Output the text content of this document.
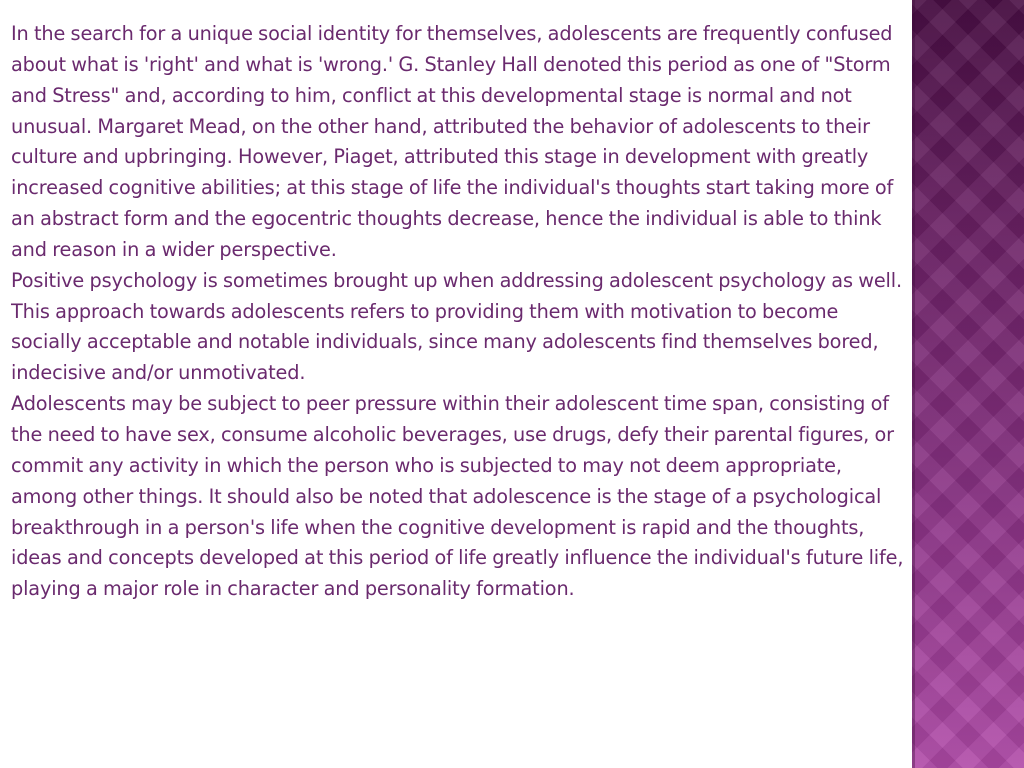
In the search for a unique social identity for themselves, adolescents are frequently confused about what is 'right' and what is 'wrong.' G. Stanley Hall denoted this period as one of "Storm and Stress" and, according to him, conflict at this developmental stage is normal and not unusual. Margaret Mead, on the other hand, attributed the behavior of adolescents to their culture and upbringing. However, Piaget, attributed this stage in development with greatly increased cognitive abilities; at this stage of life the individual's thoughts start taking more of an abstract form and the egocentric thoughts decrease, hence the individual is able to think and reason in a wider perspective.

Positive psychology is sometimes brought up when addressing adolescent psychology as well. This approach towards adolescents refers to providing them with motivation to become socially acceptable and notable individuals, since many adolescents find themselves bored, indecisive and/or unmotivated.

Adolescents may be subject to peer pressure within their adolescent time span, consisting of the need to have sex, consume alcoholic beverages, use drugs, defy their parental figures, or commit any activity in which the person who is subjected to may not deem appropriate, among other things. It should also be noted that adolescence is the stage of a psychological breakthrough in a person's life when the cognitive development is rapid and the thoughts, ideas and concepts developed at this period of life greatly influence the individual's future life, playing a major role in character and personality formation.
